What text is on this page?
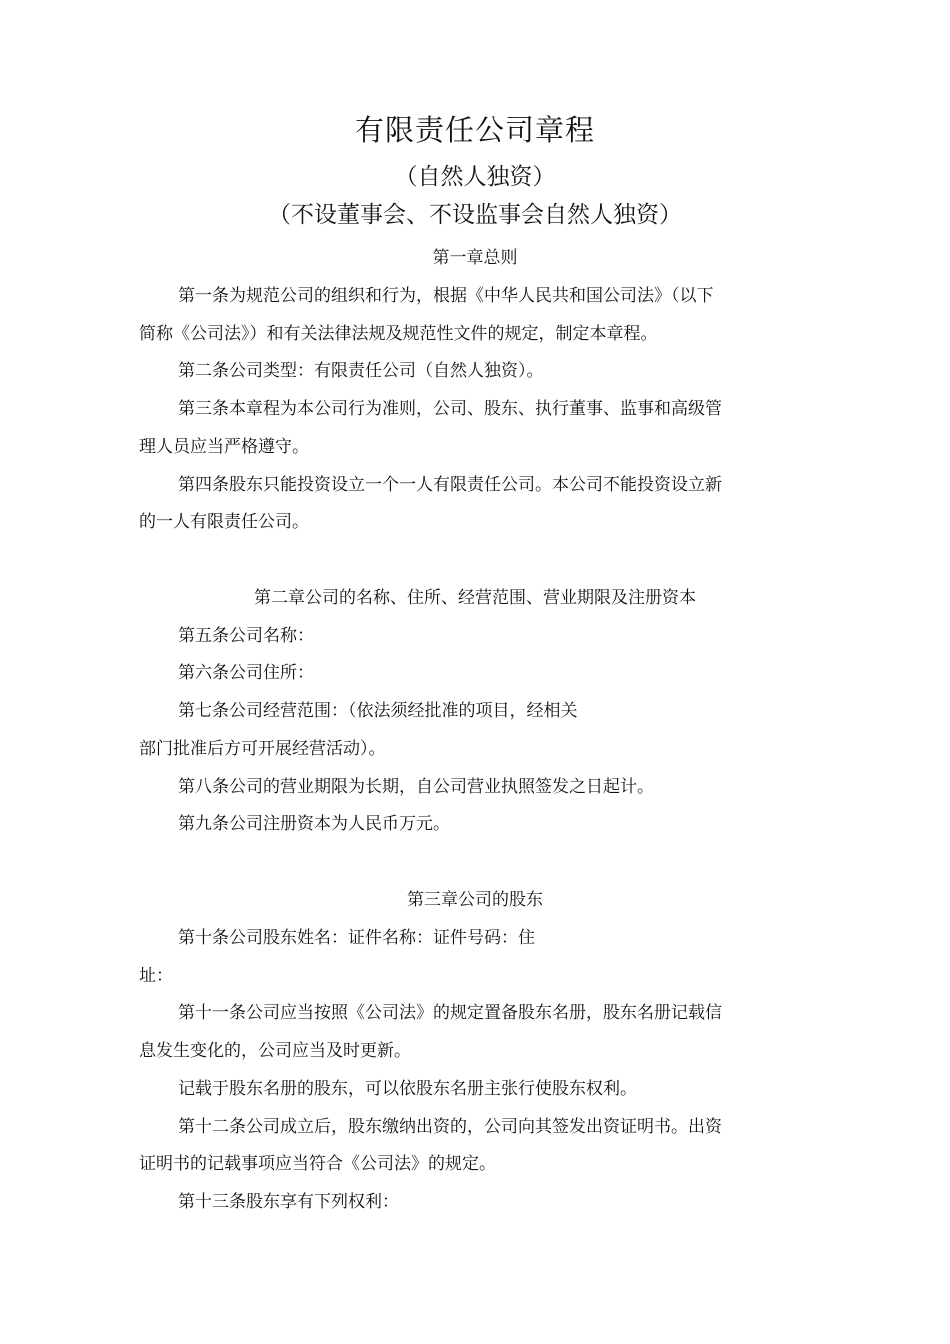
有限责任公司章程
（自然人独资）
（不设董事会、不设监事会自然人独资）
第一章总则
第一条为规范公司的组织和行为，根据《中华人民共和国公司法》（以下
简称《公司法》）和有关法律法规及规范性文件的规定，制定本章程。
第二条公司类型：有限责任公司（自然人独资）。
第三条本章程为本公司行为准则，公司、股东、执行董事、监事和高级管
理人员应当严格遵守。
第四条股东只能投资设立一个一人有限责任公司。本公司不能投资设立新
的一人有限责任公司。
第二章公司的名称、住所、经营范围、营业期限及注册资本
第五条公司名称：
第六条公司住所：
第七条公司经营范围：（依法须经批准的项目，经相关
部门批准后方可开展经营活动）。
第八条公司的营业期限为长期，自公司营业执照签发之日起计。
第九条公司注册资本为人民币万元。
第三章公司的股东
第十条公司股东姓名：证件名称：证件号码：住
址：
第十一条公司应当按照《公司法》的规定置备股东名册，股东名册记载信
息发生变化的，公司应当及时更新。
记载于股东名册的股东，可以依股东名册主张行使股东权利。
第十二条公司成立后，股东缴纳出资的，公司向其签发出资证明书。出资
证明书的记载事项应当符合《公司法》的规定。
第十三条股东享有下列权利：
